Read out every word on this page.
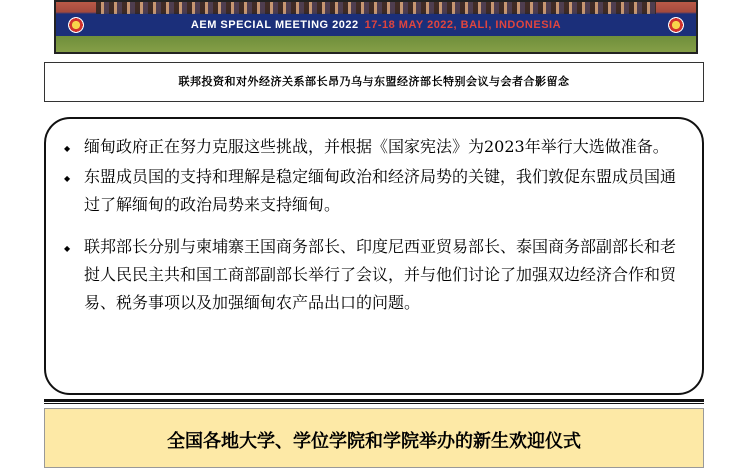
AEM SPECIAL MEETING 2022 17-18 MAY 2022, BALI, INDONESIA
联邦投资和对外经济关系部长昂乃乌与东盟经济部长特别会议与会者合影留念
◆ 缅甸政府正在努力克服这些挑战，并根据《国家宪法》为2023年举行大选做准备。
◆ 东盟成员国的支持和理解是稳定缅甸政治和经济局势的关键，我们敦促东盟成员国通过了解缅甸的政治局势来支持缅甸。
◆ 联邦部长分别与柬埔寨王国商务部长、印度尼西亚贸易部长、泰国商务部副部长和老挝人民民主共和国工商部副部长举行了会议，并与他们讨论了加强双边经济合作和贸易、税务事项以及加强缅甸农产品出口的问题。
全国各地大学、学位学院和学院举办的新生欢迎仪式
